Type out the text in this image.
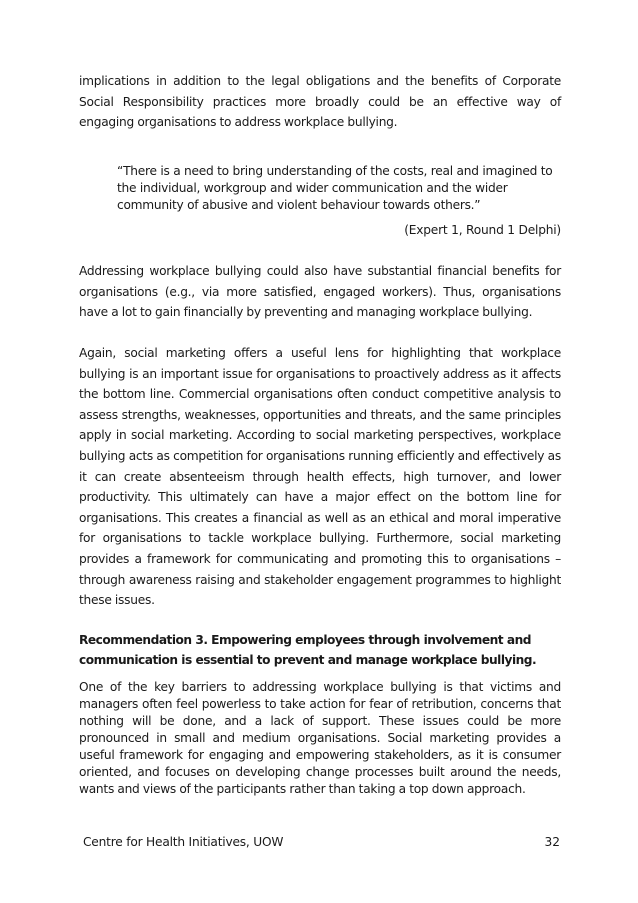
implications in addition to the legal obligations and the benefits of Corporate Social Responsibility practices more broadly could be an effective way of engaging organisations to address workplace bullying.

“There is a need to bring understanding of the costs, real and imagined to the individual, workgroup and wider communication and the wider community of abusive and violent behaviour towards others.”

(Expert 1, Round 1 Delphi)

Addressing workplace bullying could also have substantial financial benefits for organisations (e.g., via more satisfied, engaged workers). Thus, organisations have a lot to gain financially by preventing and managing workplace bullying.

Again, social marketing offers a useful lens for highlighting that workplace bullying is an important issue for organisations to proactively address as it affects the bottom line. Commercial organisations often conduct competitive analysis to assess strengths, weaknesses, opportunities and threats, and the same principles apply in social marketing. According to social marketing perspectives, workplace bullying acts as competition for organisations running efficiently and effectively as it can create absenteeism through health effects, high turnover, and lower productivity. This ultimately can have a major effect on the bottom line for organisations. This creates a financial as well as an ethical and moral imperative for organisations to tackle workplace bullying. Furthermore, social marketing provides a framework for communicating and promoting this to organisations – through awareness raising and stakeholder engagement programmes to highlight these issues.

Recommendation 3. Empowering employees through involvement and communication is essential to prevent and manage workplace bullying.

One of the key barriers to addressing workplace bullying is that victims and managers often feel powerless to take action for fear of retribution, concerns that nothing will be done, and a lack of support. These issues could be more pronounced in small and medium organisations. Social marketing provides a useful framework for engaging and empowering stakeholders, as it is consumer oriented, and focuses on developing change processes built around the needs, wants and views of the participants rather than taking a top down approach.

Centre for Health Initiatives, UOW	32
